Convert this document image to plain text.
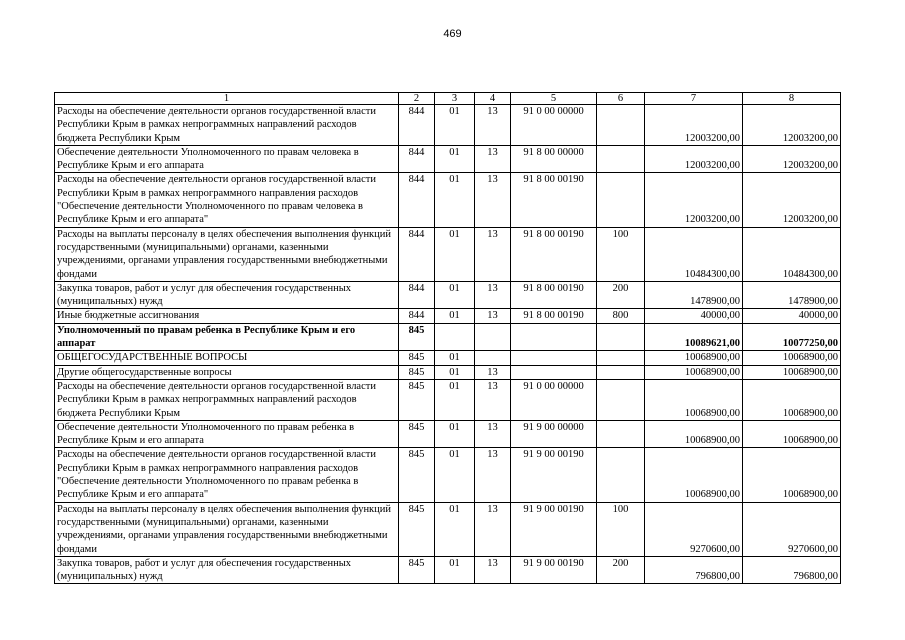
469
1	2	3	4	5	6	7	8
Расходы на обеспечение деятельности органов государственной власти Республики Крым в рамках непрограммных направлений расходов бюджета Республики Крым	844	01	13	91 0 00 00000		12003200,00	12003200,00
Обеспечение деятельности Уполномоченного по правам человека в Республике Крым и его аппарата	844	01	13	91 8 00 00000		12003200,00	12003200,00
Расходы на обеспечение деятельности органов государственной власти Республики Крым в рамках непрограммного направления расходов "Обеспечение деятельности Уполномоченного по правам человека в Республике Крым и его аппарата"	844	01	13	91 8 00 00190		12003200,00	12003200,00
Расходы на выплаты персоналу в целях обеспечения выполнения функций государственными (муниципальными) органами, казенными учреждениями, органами управления государственными внебюджетными фондами	844	01	13	91 8 00 00190	100	10484300,00	10484300,00
Закупка товаров, работ и услуг для обеспечения государственных (муниципальных) нужд	844	01	13	91 8 00 00190	200	1478900,00	1478900,00
Иные бюджетные ассигнования	844	01	13	91 8 00 00190	800	40000,00	40000,00
Уполномоченный по правам ребенка в Республике Крым и его аппарат	845					10089621,00	10077250,00
ОБЩЕГОСУДАРСТВЕННЫЕ ВОПРОСЫ	845	01				10068900,00	10068900,00
Другие общегосударственные вопросы	845	01	13			10068900,00	10068900,00
Расходы на обеспечение деятельности органов государственной власти Республики Крым в рамках непрограммных направлений расходов бюджета Республики Крым	845	01	13	91 0 00 00000		10068900,00	10068900,00
Обеспечение деятельности Уполномоченного по правам ребенка в Республике Крым и его аппарата	845	01	13	91 9 00 00000		10068900,00	10068900,00
Расходы на обеспечение деятельности органов государственной власти Республики Крым в рамках непрограммного направления расходов "Обеспечение деятельности Уполномоченного по правам ребенка в Республике Крым и его аппарата"	845	01	13	91 9 00 00190		10068900,00	10068900,00
Расходы на выплаты персоналу в целях обеспечения выполнения функций государственными (муниципальными) органами, казенными учреждениями, органами управления государственными внебюджетными фондами	845	01	13	91 9 00 00190	100	9270600,00	9270600,00
Закупка товаров, работ и услуг для обеспечения государственных (муниципальных) нужд	845	01	13	91 9 00 00190	200	796800,00	796800,00
